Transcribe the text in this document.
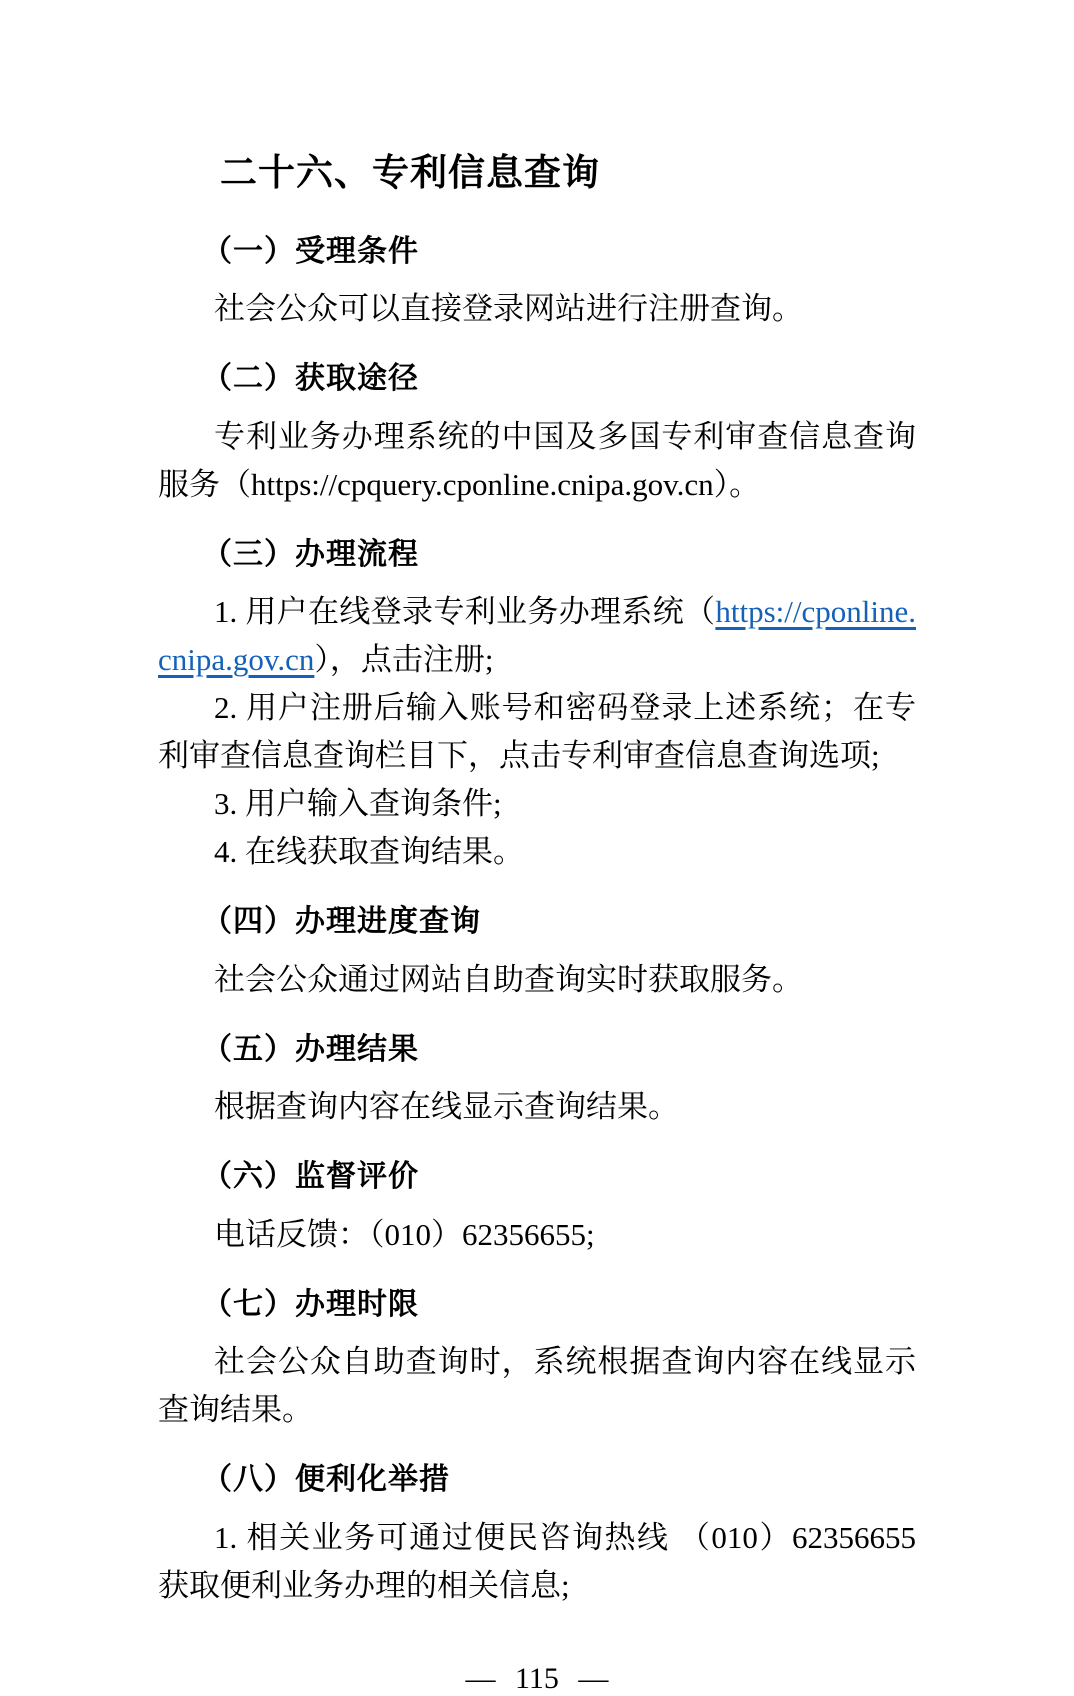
二十六、专利信息查询
（一）受理条件

社会公众可以直接登录网站进行注册查询。

（二）获取途径

专利业务办理系统的中国及多国专利审查信息查询服务（https://cpquery.cponline.cnipa.gov.cn）。

（三）办理流程

1. 用户在线登录专利业务办理系统（https://cponline.cnipa.gov.cn），点击注册;

2. 用户注册后输入账号和密码登录上述系统；在专利审查信息查询栏目下，点击专利审查信息查询选项;

3. 用户输入查询条件;

4. 在线获取查询结果。

（四）办理进度查询

社会公众通过网站自助查询实时获取服务。

（五）办理结果

根据查询内容在线显示查询结果。

（六）监督评价

电话反馈：（010）62356655;

（七）办理时限

社会公众自助查询时，系统根据查询内容在线显示查询结果。

（八）便利化举措

1. 相关业务可通过便民咨询热线 （010）62356655 获取便利业务办理的相关信息;

— 115 —
